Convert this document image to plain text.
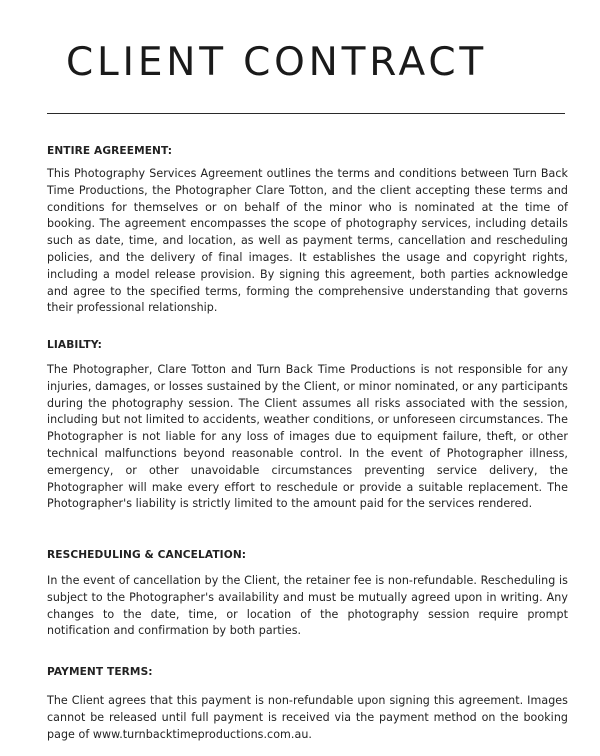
CLIENT CONTRACT
ENTIRE AGREEMENT:

This Photography Services Agreement outlines the terms and conditions between Turn Back Time Productions, the Photographer Clare Totton, and the client accepting these terms and conditions for themselves or on behalf of the minor who is nominated at the time of booking. The agreement encompasses the scope of photography services, including details such as date, time, and location, as well as payment terms, cancellation and rescheduling policies, and the delivery of final images. It establishes the usage and copyright rights, including a model release provision. By signing this agreement, both parties acknowledge and agree to the specified terms, forming the comprehensive understanding that governs their professional relationship.

LIABILTY:

The Photographer, Clare Totton and Turn Back Time Productions is not responsible for any injuries, damages, or losses sustained by the Client, or minor nominated, or any participants during the photography session. The Client assumes all risks associated with the session, including but not limited to accidents, weather conditions, or unforeseen circumstances. The Photographer is not liable for any loss of images due to equipment failure, theft, or other technical malfunctions beyond reasonable control. In the event of Photographer illness, emergency, or other unavoidable circumstances preventing service delivery, the Photographer will make every effort to reschedule or provide a suitable replacement. The Photographer's liability is strictly limited to the amount paid for the services rendered.

RESCHEDULING & CANCELATION:

In the event of cancellation by the Client, the retainer fee is non-refundable. Rescheduling is subject to the Photographer's availability and must be mutually agreed upon in writing. Any changes to the date, time, or location of the photography session require prompt notification and confirmation by both parties.

PAYMENT TERMS:

The Client agrees that this payment is non-refundable upon signing this agreement. Images cannot be released until full payment is received via the payment method on the booking page of www.turnbacktimeproductions.com.au.
